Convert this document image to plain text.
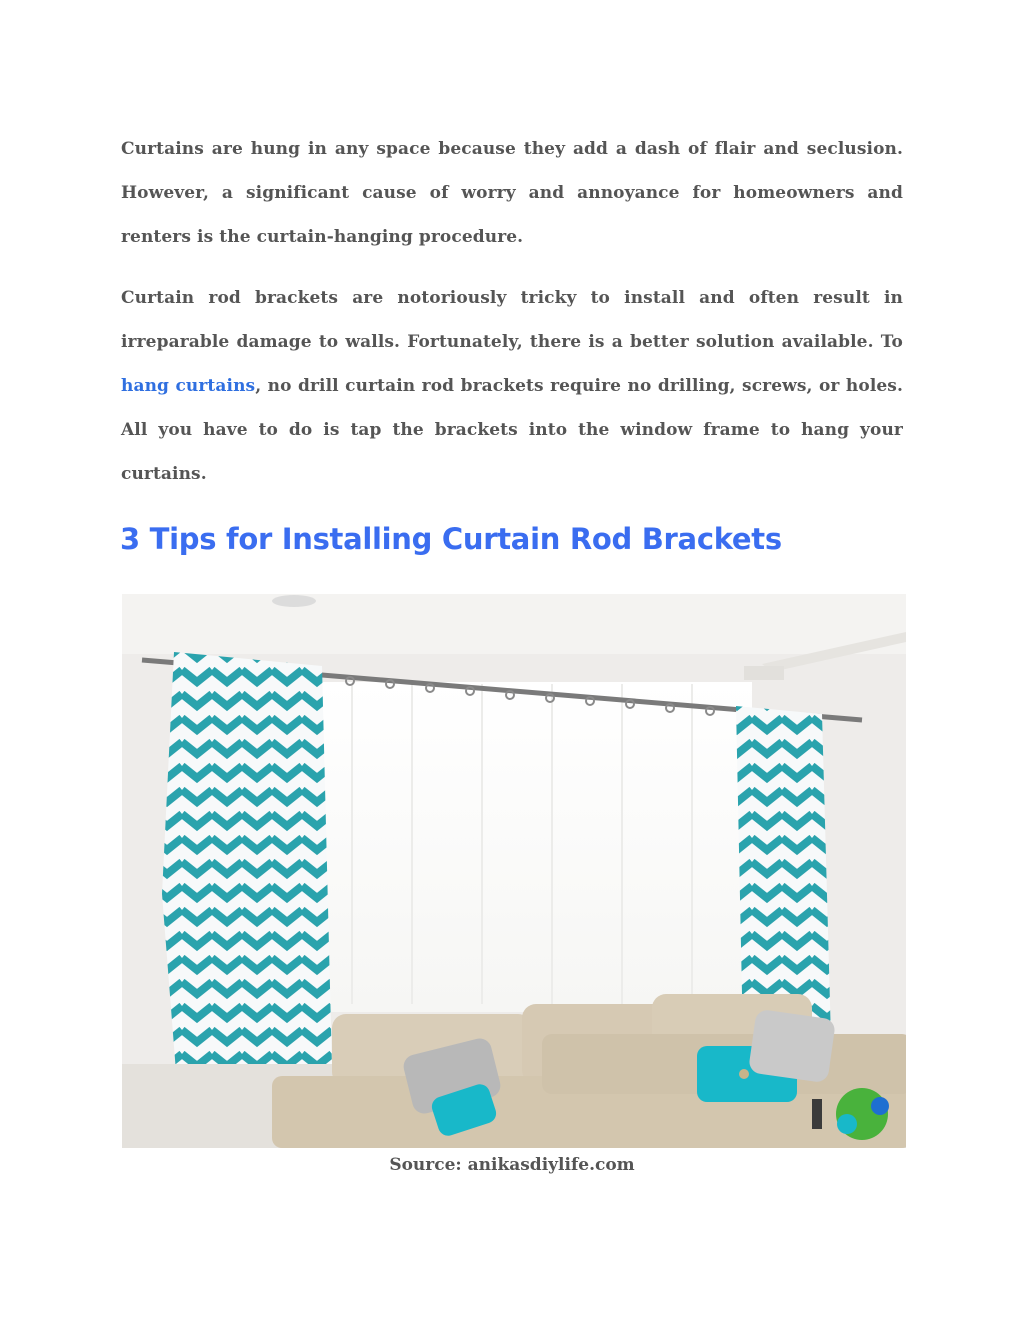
Curtains are hung in any space because they add a dash of flair and seclusion. However, a significant cause of worry and annoyance for homeowners and renters is the curtain-hanging procedure.

Curtain rod brackets are notoriously tricky to install and often result in irreparable damage to walls. Fortunately, there is a better solution available. To hang curtains, no drill curtain rod brackets require no drilling, screws, or holes. All you have to do is tap the brackets into the window frame to hang your curtains.

3 Tips for Installing Curtain Rod Brackets
Source: anikasdiylife.com
